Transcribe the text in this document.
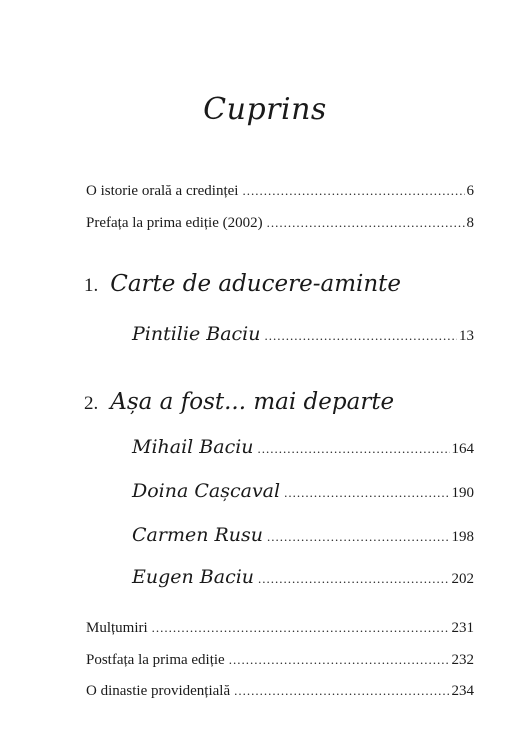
Cuprins
O istorie orală a credinței .....	6
Prefața la prima ediție (2002) .....	8
1. Carte de aducere-aminte
Pintilie Baciu .....	13
2. Așa a fost... mai departe
Mihail Baciu .....	164
Doina Cașcaval .....	190
Carmen Rusu .....	198
Eugen Baciu .....	202
Mulțumiri .....	231
Postfața la prima ediție .....	232
O dinastie providențială .....	234
